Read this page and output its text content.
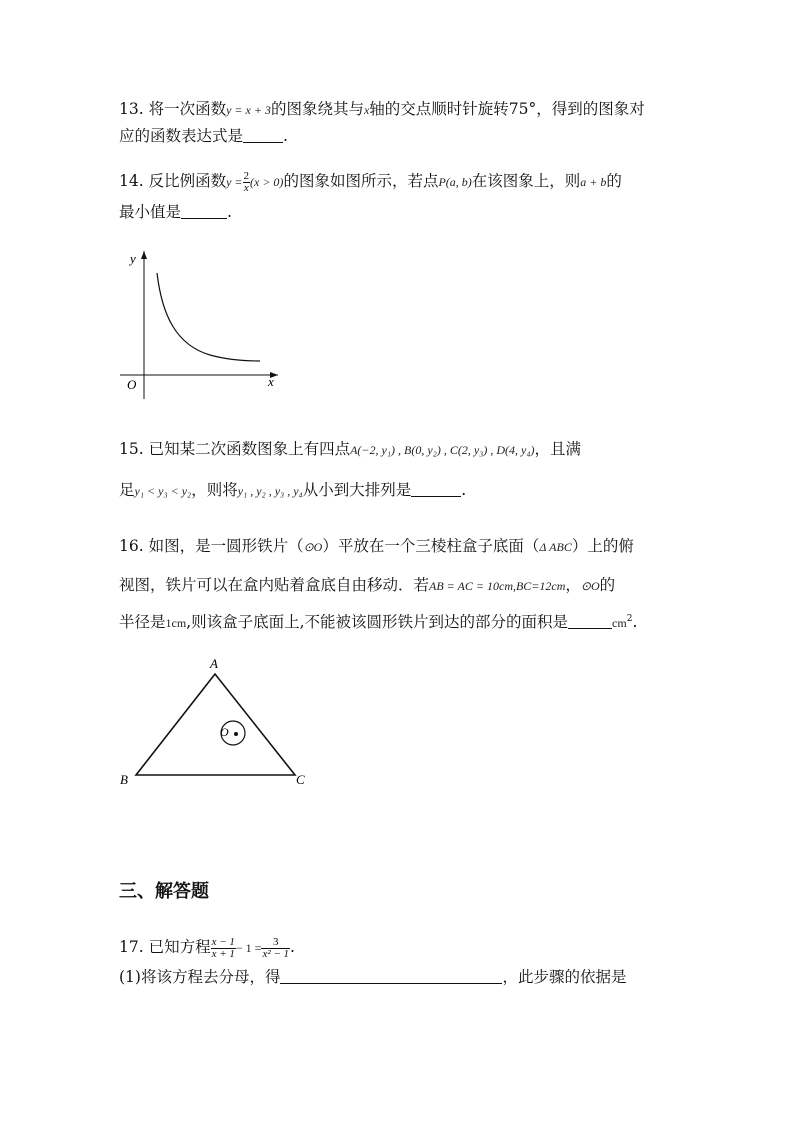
13. 将一次函数y = x + 3的图象绕其与x轴的交点顺时针旋转75°，得到的图象对
应的函数表达式是	.
14. 反比例函数$y = \frac{2}{x} (x > 0)$的图象如图所示，若点P(a, b)在该图象上，则a + b的
最小值是	.
y
x
O
15. 已知某二次函数图象上有四点A(−2, y₁) , B(0, y₂) , C(2, y₃) , D(4, y₄)，且满
足y₁ < y₃ < y₂，则将y₁ , y₂ , y₃ , y₄从小到大排列是	.
16. 如图，是一圆形铁片（⊙O）平放在一个三棱柱盒子底面（Δ ABC）上的俯
视图，铁片可以在盒内贴着盒底自由移动．若AB = AC = 10cm,BC=12cm，⊙O的
半径是1cm,则该盒子底面上,不能被该圆形铁片到达的部分的面积是	$cm^2$.
A
B	C
O
三、解答题
17. 已知方程 $\frac{x - 1}{x + 1} - 1 = \frac{3}{\text{x² − 1}}$ .
(1)将该方程去分母，得	，此步骤的依据是
